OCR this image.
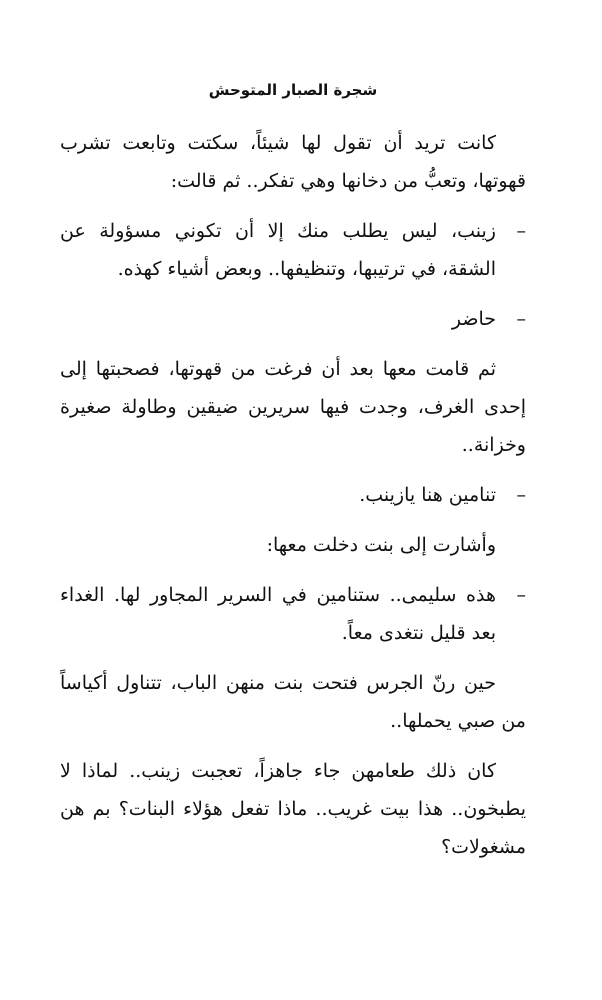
شجرة الصبار المتوحش

كانت تريد أن تقول لها شيئاً، سكتت وتابعت تشرب قهوتها، وتعبُّ من دخانها وهي تفكر.. ثم قالت:

–
زينب، ليس يطلب منك إلا أن تكوني مسؤولة عن الشقة، في ترتيبها، وتنظيفها.. وبعض أشياء كهذه.
–
حاضر

ثم قامت معها بعد أن فرغت من قهوتها، فصحبتها إلى إحدى الغرف، وجدت فيها سريرين ضيقين وطاولة صغيرة وخزانة..

–
تنامين هنا يازينب.

وأشارت إلى بنت دخلت معها:

–
هذه سليمى.. ستنامين في السرير المجاور لها. الغداء بعد قليل نتغدى معاً.

حين رنّ الجرس فتحت بنت منهن الباب، تتناول أكياساً من صبي يحملها..

كان ذلك طعامهن جاء جاهزاً، تعجبت زينب.. لماذا لا يطبخون.. هذا بيت غريب.. ماذا تفعل هؤلاء البنات؟ بم هن مشغولات؟
